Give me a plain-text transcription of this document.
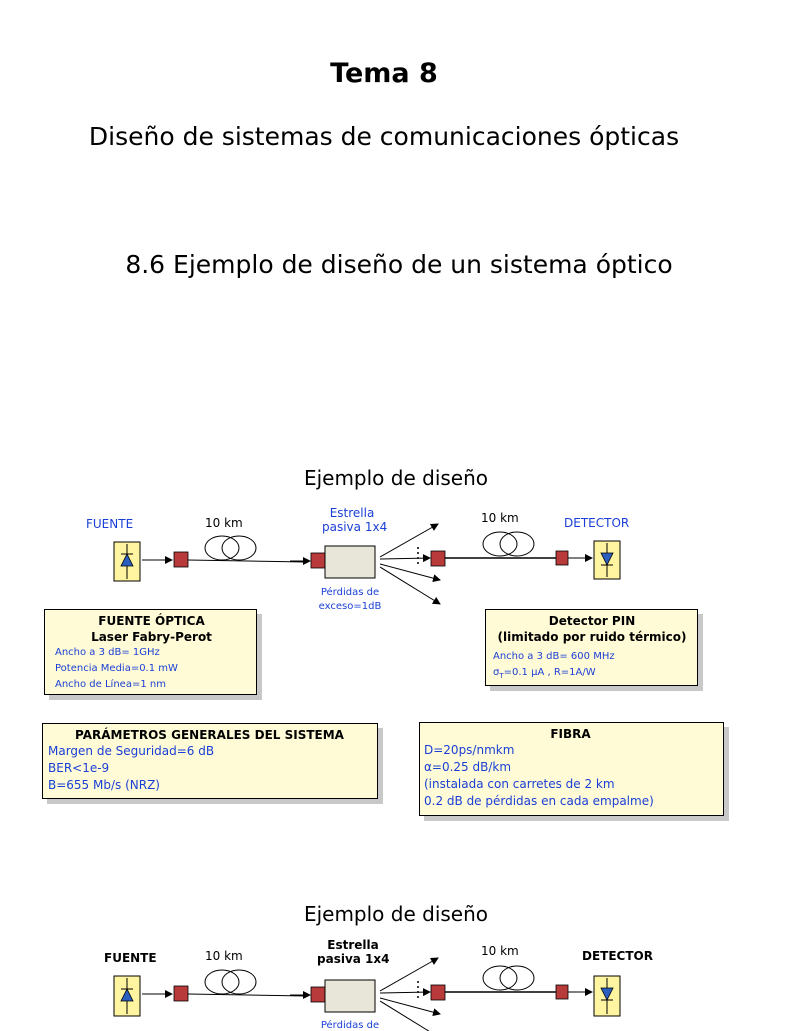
Tema 8
Diseño de sistemas de comunicaciones ópticas
8.6 Ejemplo de diseño de un sistema óptico
Ejemplo de diseño
FUENTE	10 km
Estrella
pasiva 1x4
10 km	DETECTOR
Pérdidas de
exceso=1dB
FUENTE ÓPTICA
Laser Fabry-Perot
Ancho a 3 dB= 1GHz
Potencia Media=0.1 mW
Ancho de Línea=1 nm
Detector PIN
(limitado por ruido térmico)
Ancho a 3 dB= 600 MHz
$\sigma_T=0.1$ μA , R=1A/W
PARÁMETROS GENERALES DEL SISTEMA
Margen de Seguridad=6 dB
BER<1e-9
B=655 Mb/s (NRZ)
FIBRA
D=20ps/nmkm
α=0.25 dB/km
(instalada con carretes de 2 km
0.2 dB de pérdidas en cada empalme)
Ejemplo de diseño
FUENTE	10 km
Estrella
pasiva 1x4
10 km	DETECTOR
Pérdidas de
